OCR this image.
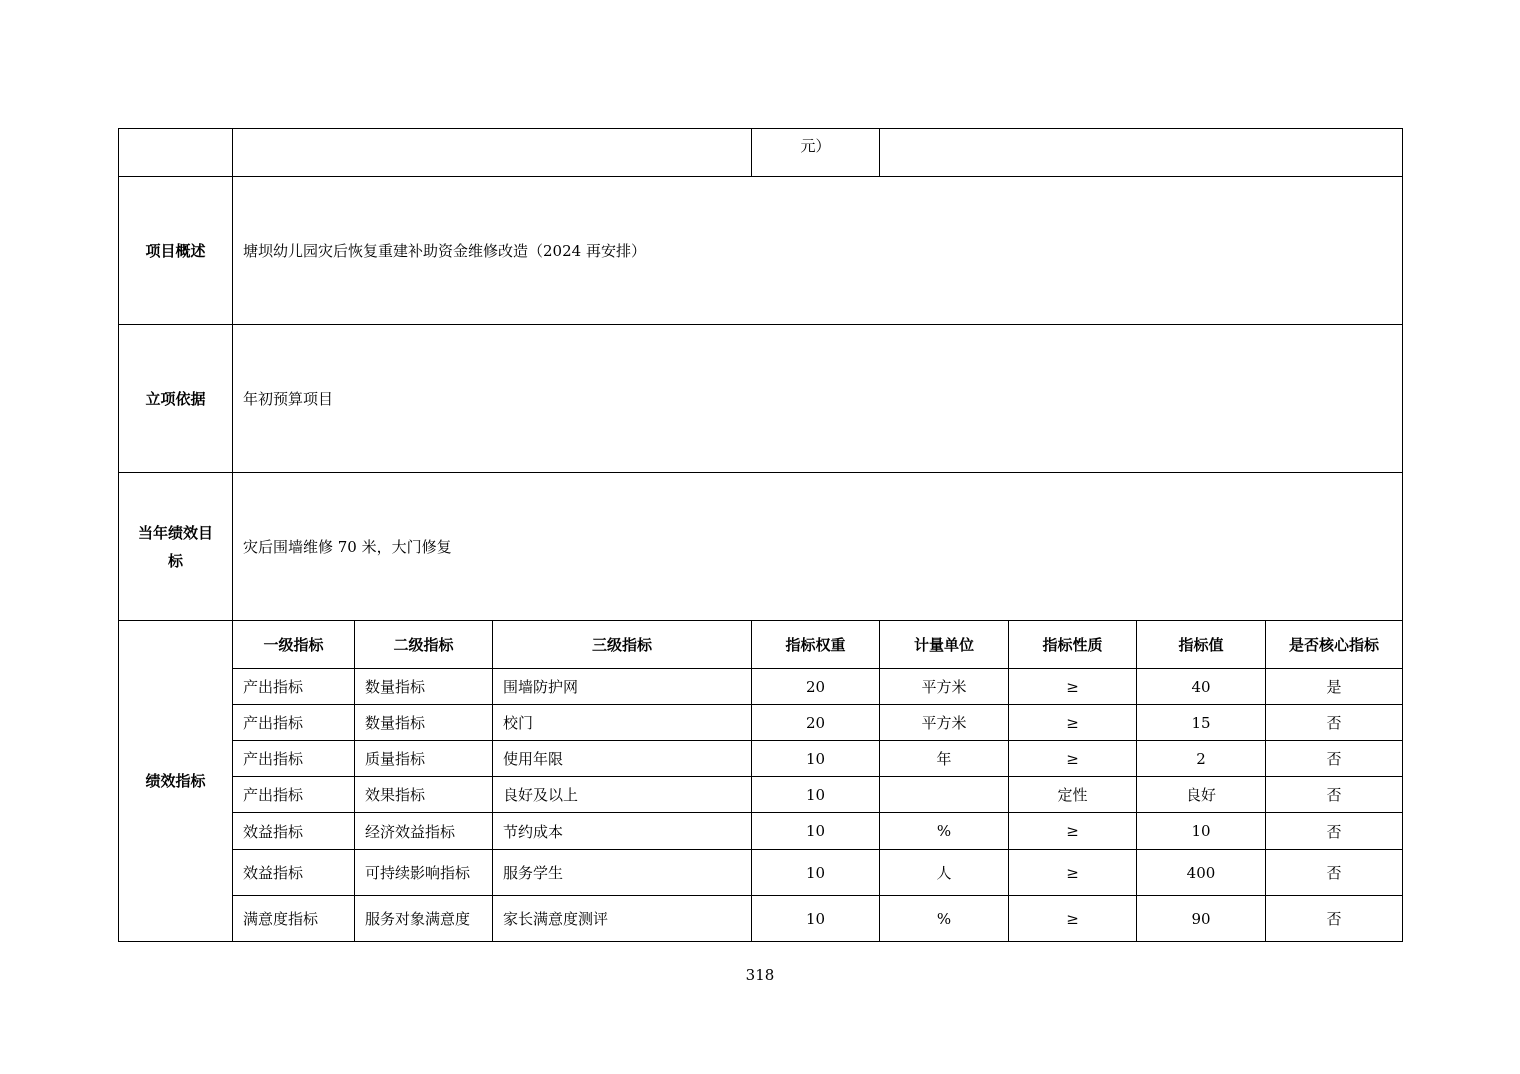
				元）				
项目概述	塘坝幼儿园灾后恢复重建补助资金维修改造（2024 再安排）							
立项依据	年初预算项目							
当年绩效目标	灾后围墙维修 70 米，大门修复							
绩效指标	一级指标	二级指标	三级指标	指标权重	计量单位	指标性质	指标值	是否核心指标
	产出指标	数量指标	围墙防护网	20	平方米	≥	40	是
	产出指标	数量指标	校门	20	平方米	≥	15	否
	产出指标	质量指标	使用年限	10	年	≥	2	否
	产出指标	效果指标	良好及以上	10		定性	良好	否
	效益指标	经济效益指标	节约成本	10	%	≥	10	否
	效益指标	可持续影响指标	服务学生	10	人	≥	400	否
	满意度指标	服务对象满意度	家长满意度测评	10	%	≥	90	否
318
